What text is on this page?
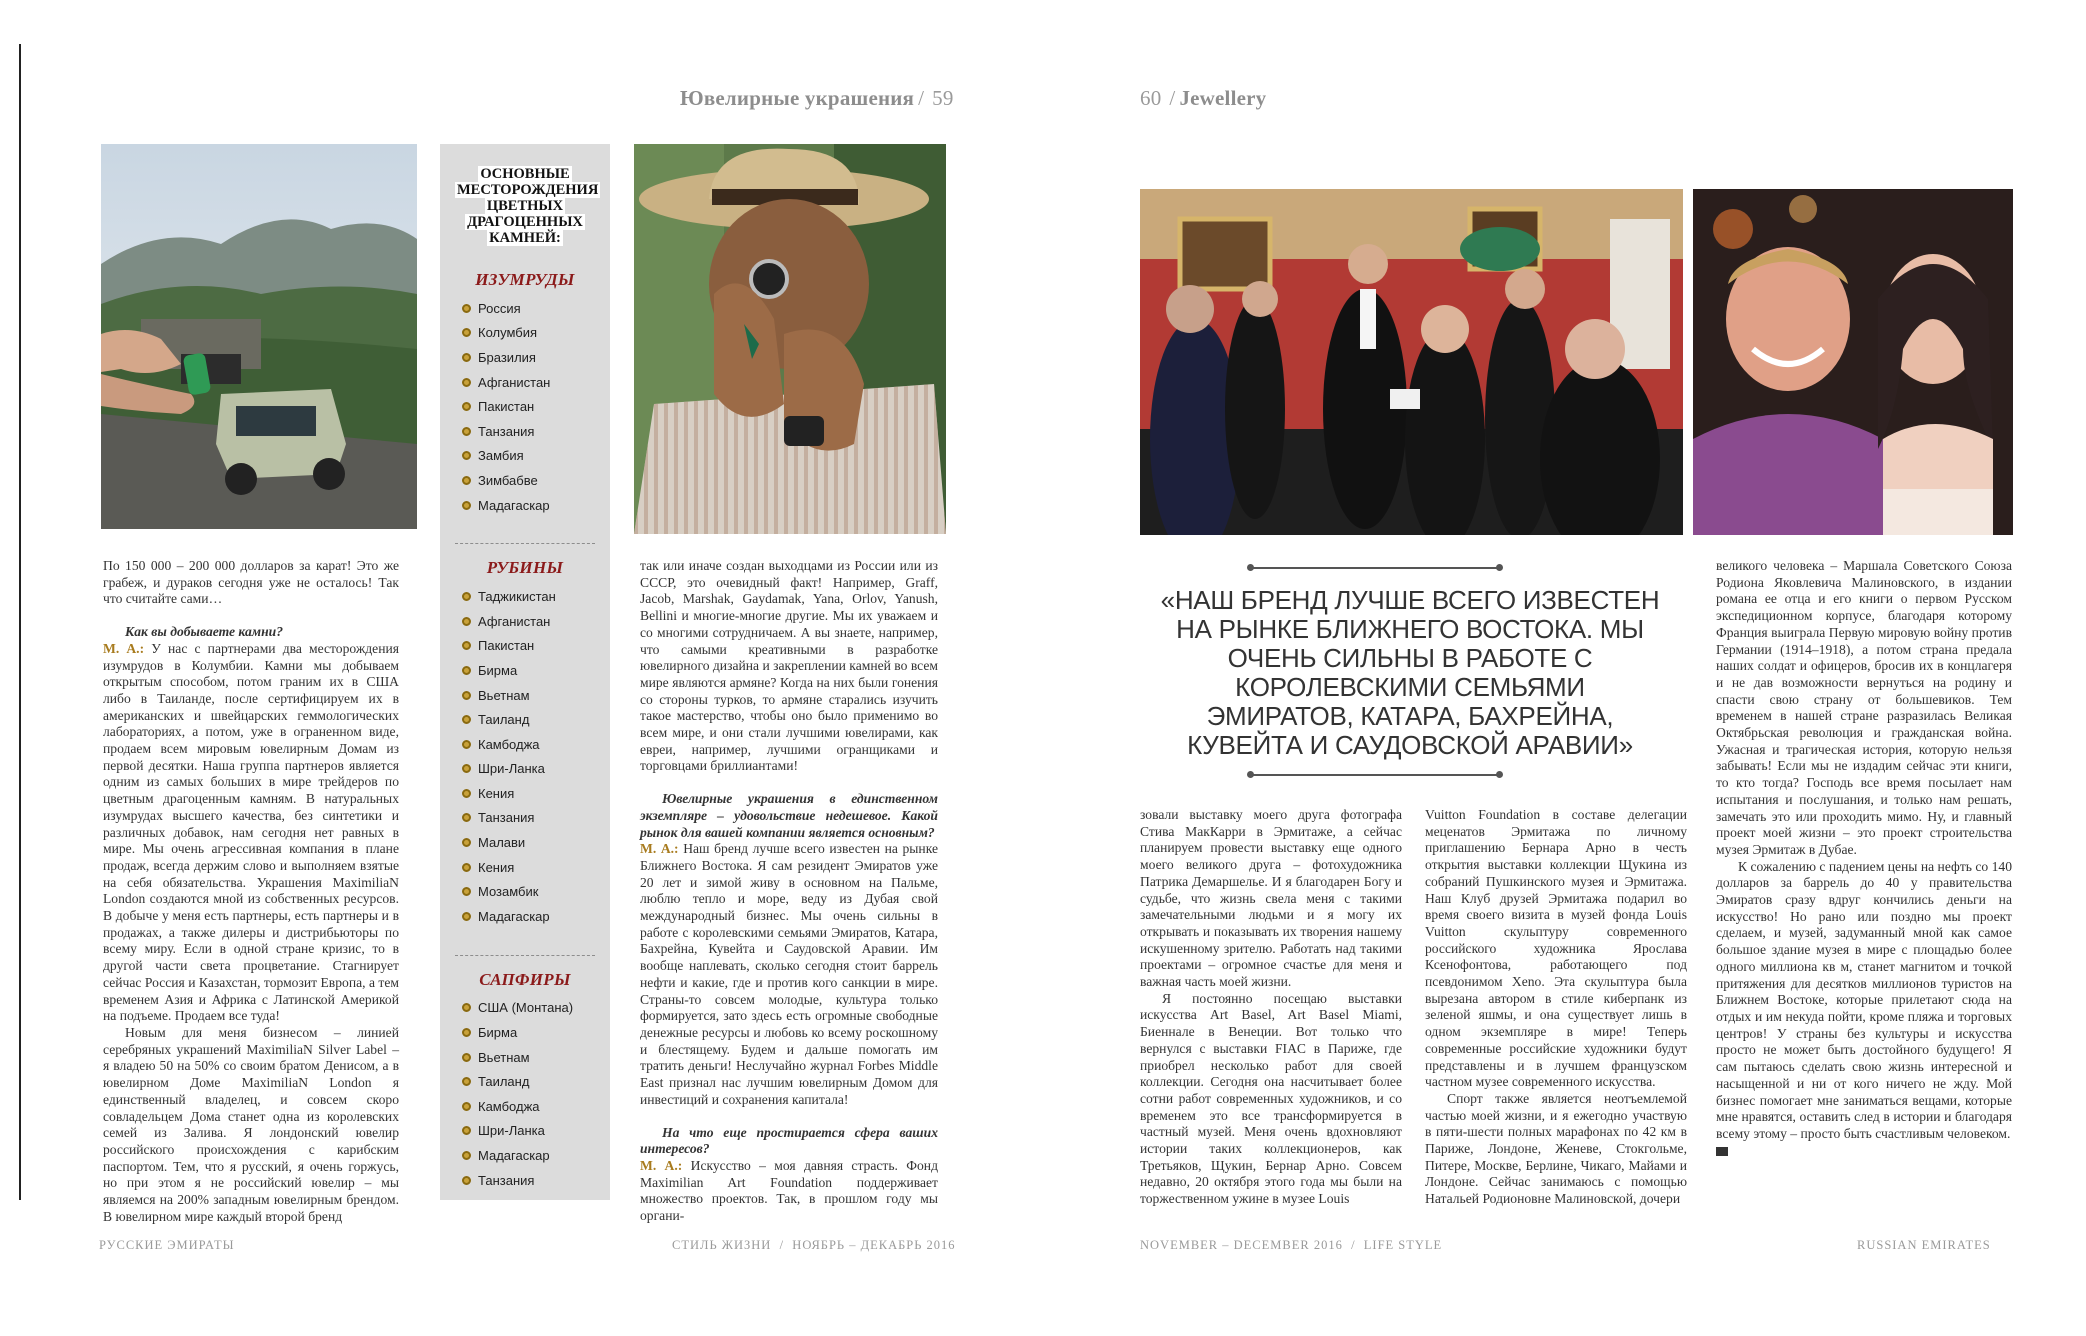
Ювелирные украшения / 59	60 / Jewellery
ОСНОВНЫЕ МЕСТОРОЖДЕНИЯ ЦВЕТНЫХ ДРАГОЦЕННЫХ КАМНЕЙ:
ИЗУМРУДЫ
Россия
Колумбия
Бразилия
Афганистан
Пакистан
Танзания
Замбия
Зимбабве
Мадагаскар
РУБИНЫ
Таджикистан
Афганистан
Пакистан
Бирма
Вьетнам
Таиланд
Камбоджа
Шри-Ланка
Кения
Танзания
Малави
Кения
Мозамбик
Мадагаскар
САПФИРЫ
США (Монтана)
Бирма
Вьетнам
Таиланд
Камбоджа
Шри-Ланка
Мадагаскар
Танзания

По 150 000 – 200 000 долларов за карат! Это же грабеж, и дураков сегодня уже не осталось! Так что считайте сами…

Как вы добываете камни?

М. А.: У нас с партнерами два месторождения изумрудов в Колумбии. Камни мы добываем открытым способом, потом граним их в США либо в Таиланде, после сертифицируем их в американских и швейцарских геммологических лабораториях, а потом, уже в ограненном виде, продаем всем мировым ювелирным Домам из первой десятки. Наша группа партнеров является одним из самых больших в мире трейдеров по цветным драгоценным камням. В натуральных изумрудах высшего качества, без синтетики и различных добавок, нам сегодня нет равных в мире. Мы очень агрессивная компания в плане продаж, всегда держим слово и выполняем взятые на себя обязательства. Украшения MaximiliaN London создаются мной из собственных ресурсов. В добыче у меня есть партнеры, есть партнеры и в продажах, а также дилеры и дистрибьюторы по всему миру. Если в одной стране кризис, то в другой части света процветание. Стагнирует сейчас Россия и Казахстан, тормозит Европа, а тем временем Азия и Африка с Латинской Америкой на подъеме. Продаем все туда!

Новым для меня бизнесом – линией серебряных украшений MaximiliaN Silver Label – я владею 50 на 50% со своим братом Денисом, а в ювелирном Доме MaximiliaN London я единственный владелец, и совсем скоро совладельцем Дома станет одна из королевских семей из Залива. Я лондонский ювелир российского происхождения с карибским паспортом. Тем, что я русский, я очень горжусь, но при этом я не российский ювелир – мы являемся на 200% западным ювелирным брендом. В ювелирном мире каждый второй бренд

так или иначе создан выходцами из России или из СССР, это очевидный факт! Например, Graff, Jacob, Marshak, Gaydamak, Yana, Orlov, Yanush, Bellini и многие-многие другие. Мы их уважаем и со многими сотрудничаем. А вы знаете, например, что самыми креативными в разработке ювелирного дизайна и закреплении камней во всем мире являются армяне? Когда на них были гонения со стороны турков, то армяне старались изучить такое мастерство, чтобы оно было применимо во всем мире, и они стали лучшими ювелирами, как евреи, например, лучшими огранщиками и торговцами бриллиантами!

Ювелирные украшения в единственном экземпляре – удовольствие недешевое. Какой рынок для вашей компании является основным?

М. А.: Наш бренд лучше всего известен на рынке Ближнего Востока. Я сам резидент Эмиратов уже 20 лет и зимой живу в основном на Пальме, люблю тепло и море, веду из Дубая свой международный бизнес. Мы очень сильны в работе с королевскими семьями Эмиратов, Катара, Бахрейна, Кувейта и Саудовской Аравии. Им вообще наплевать, сколько сегодня стоит баррель нефти и какие, где и против кого санкции в мире. Страны-то совсем молодые, культура только формируется, зато здесь есть огромные свободные денежные ресурсы и любовь ко всему роскошному и блестящему. Будем и дальше помогать им тратить деньги! Неслучайно журнал Forbes Middle East признал нас лучшим ювелирным Домом для инвестиций и сохранения капитала!

На что еще простирается сфера ваших интересов?

М. А.: Искусство – моя давняя страсть. Фонд Maximilian Art Foundation поддерживает множество проектов. Так, в прошлом году мы органи-

«НАШ БРЕНД ЛУЧШЕ ВСЕГО ИЗВЕСТЕН НА РЫНКЕ БЛИЖНЕГО ВОСТОКА. МЫ ОЧЕНЬ СИЛЬНЫ В РАБОТЕ С КОРОЛЕВСКИМИ СЕМЬЯМИ ЭМИРАТОВ, КАТАРА, БАХРЕЙНА, КУВЕЙТА И САУДОВСКОЙ АРАВИИ»

зовали выставку моего друга фотографа Стива МакКарри в Эрмитаже, а сейчас планируем провести выставку еще одного моего великого друга – фотохудожника Патрика Демаршелье. И я благодарен Богу и судьбе, что жизнь свела меня с такими замечательными людьми и я могу их открывать и показывать их творения нашему искушенному зрителю. Работать над такими проектами – огромное счастье для меня и важная часть моей жизни.

Я постоянно посещаю выставки искусства Art Basel, Art Basel Miami, Биеннале в Венеции. Вот только что вернулся с выставки FIAC в Париже, где приобрел несколько работ для своей коллекции. Сегодня она насчитывает более сотни работ современных художников, и со временем это все трансформируется в частный музей. Меня очень вдохновляют истории таких коллекционеров, как Третьяков, Щукин, Бернар Арно. Совсем недавно, 20 октября этого года мы были на торжественном ужине в музее Louis

Vuitton Foundation в составе делегации меценатов Эрмитажа по личному приглашению Бернара Арно в честь открытия выставки коллекции Щукина из собраний Пушкинского музея и Эрмитажа. Наш Клуб друзей Эрмитажа подарил во время своего визита в музей фонда Louis Vuitton скульптуру современного российского художника Ярослава Ксенофонтова, работающего под псевдонимом Xeno. Эта скульптура была вырезана автором в стиле киберпанк из зеленой яшмы, и она существует лишь в одном экземпляре в мире! Теперь современные российские художники будут представлены и в лучшем французском частном музее современного искусства.

Спорт также является неотъемлемой частью моей жизни, и я ежегодно участвую в пяти-шести полных марафонах по 42 км в Париже, Лондоне, Женеве, Стокгольме, Питере, Москве, Берлине, Чикаго, Майами и Лондоне. Сейчас занимаюсь с помощью Натальей Родионовне Малиновской, дочери

великого человека – Маршала Советского Союза Родиона Яковлевича Малиновского, в издании романа ее отца и его книги о первом Русском экспедиционном корпусе, благодаря которому Франция выиграла Первую мировую войну против Германии (1914–1918), а потом страна предала наших солдат и офицеров, бросив их в концлагеря и не дав возможности вернуться на родину и спасти свою страну от большевиков. Тем временем в нашей стране разразилась Великая Октябрьская революция и гражданская война. Ужасная и трагическая история, которую нельзя забывать! Если мы не издадим сейчас эти книги, то кто тогда? Господь все время посылает нам испытания и послушания, и только нам решать, замечать это или проходить мимо. Ну, и главный проект моей жизни – это проект строительства музея Эрмитаж в Дубае.

К сожалению с падением цены на нефть со 140 долларов за баррель до 40 у правительства Эмиратов сразу вдруг кончились деньги на искусство! Но рано или поздно мы проект сделаем, и музей, задуманный мной как самое большое здание музея в мире с площадью более одного миллиона кв м, станет магнитом и точкой притяжения для десятков миллионов туристов на Ближнем Востоке, которые прилетают сюда на отдых и им некуда пойти, кроме пляжа и торговых центров! У страны без культуры и искусства просто не может быть достойного будущего! Я сам пытаюсь сделать свою жизнь интересной и насыщенной и ни от кого ничего не жду. Мой бизнес помогает мне заниматься вещами, которые мне нравятся, оставить след в истории и благодаря всему этому – просто быть счастливым человеком.

РУССКИЕ ЭМИРАТЫ	СТИЛЬ ЖИЗНИ  /  НОЯБРЬ – ДЕКАБРЬ 2016	NOVEMBER – DECEMBER 2016  /  LIFE STYLE	RUSSIAN EMIRATES
